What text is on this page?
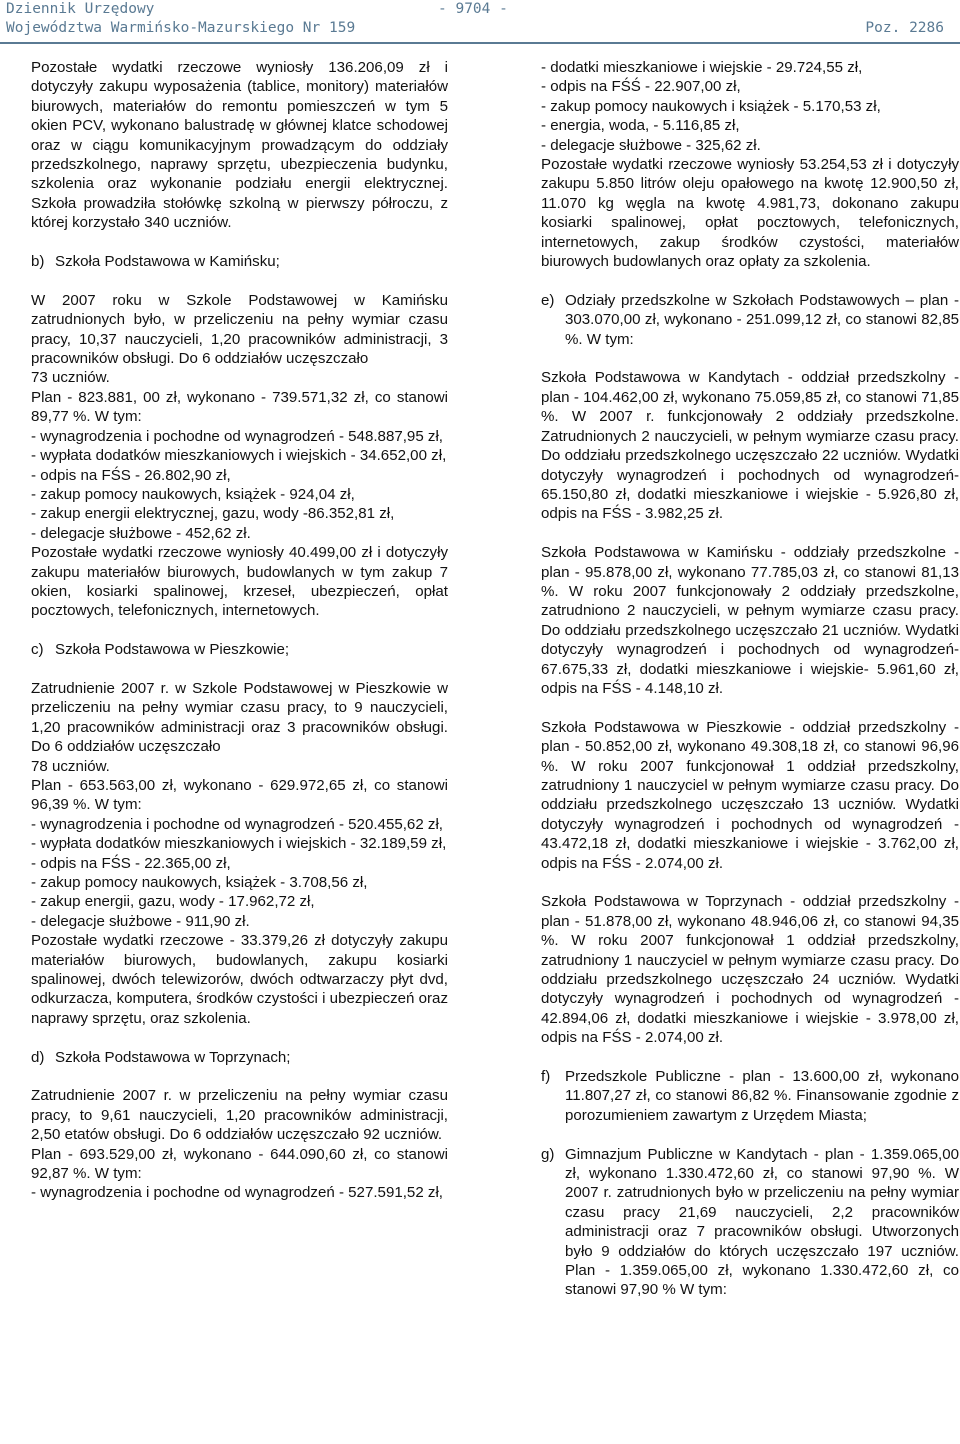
Dziennik Urzędowy
Województwa Warmińsko-Mazurskiego Nr 159
- 9704 -
Poz. 2286

Pozostałe wydatki rzeczowe wyniosły 136.206,09 zł i dotyczyły zakupu wyposażenia (tablice, monitory) materiałów biurowych, materiałów do remontu pomieszczeń w tym 5 okien PCV, wykonano balustradę w głównej klatce schodowej oraz w ciągu komunikacyjnym prowadzącym do oddziały przedszkolnego, naprawy sprzętu, ubezpieczenia budynku, szkolenia oraz wykonanie podziału energii elektrycznej. Szkoła prowadziła stołówkę szkolną w pierwszy półroczu, z której korzystało 340 uczniów.

b) Szkoła Podstawowa w Kamińsku;

W 2007 roku w Szkole Podstawowej w Kamińsku zatrudnionych było, w przeliczeniu na pełny wymiar czasu pracy, 10,37 nauczycieli, 1,20 pracowników administracji, 3 pracowników obsługi. Do 6 oddziałów uczęszczało

73 uczniów.

Plan - 823.881, 00 zł, wykonano - 739.571,32 zł, co stanowi 89,77 %. W tym:

- wynagrodzenia i pochodne od wynagrodzeń - 548.887,95 zł,

- wypłata dodatków mieszkaniowych i wiejskich - 34.652,00 zł,

- odpis na FŚS - 26.802,90 zł,

- zakup pomocy naukowych, książek - 924,04 zł,

- zakup energii elektrycznej, gazu, wody -86.352,81 zł,

- delegacje służbowe - 452,62 zł.

Pozostałe wydatki rzeczowe wyniosły 40.499,00 zł i dotyczyły zakupu materiałów biurowych, budowlanych w tym zakup 7 okien, kosiarki spalinowej, krzeseł, ubezpieczeń, opłat pocztowych, telefonicznych, internetowych.

c) Szkoła Podstawowa w Pieszkowie;

Zatrudnienie 2007 r. w Szkole Podstawowej w Pieszkowie w przeliczeniu na pełny wymiar czasu pracy, to 9 nauczycieli, 1,20 pracowników administracji oraz 3 pracowników obsługi. Do 6 oddziałów uczęszczało

78 uczniów.

Plan - 653.563,00 zł, wykonano - 629.972,65 zł, co stanowi 96,39 %. W tym:

- wynagrodzenia i pochodne od wynagrodzeń - 520.455,62 zł,

- wypłata dodatków mieszkaniowych i wiejskich - 32.189,59 zł,

- odpis na FŚS - 22.365,00 zł,

- zakup pomocy naukowych, książek - 3.708,56 zł,

- zakup energii, gazu, wody - 17.962,72 zł,

- delegacje służbowe - 911,90 zł.

Pozostałe wydatki rzeczowe - 33.379,26 zł dotyczyły zakupu materiałów biurowych, budowlanych, zakupu kosiarki spalinowej, dwóch telewizorów, dwóch odtwarzaczy płyt dvd, odkurzacza, komputera, środków czystości i ubezpieczeń oraz naprawy sprzętu, oraz szkolenia.

d) Szkoła Podstawowa w Toprzynach;

Zatrudnienie 2007 r. w przeliczeniu na pełny wymiar czasu pracy, to 9,61 nauczycieli, 1,20 pracowników administracji, 2,50 etatów obsługi. Do 6 oddziałów uczęszczało 92 uczniów.

Plan - 693.529,00 zł, wykonano - 644.090,60 zł, co stanowi 92,87 %. W tym:

- wynagrodzenia i pochodne od wynagrodzeń - 527.591,52 zł,

- dodatki mieszkaniowe i wiejskie - 29.724,55 zł,

- odpis na FŚŚ - 22.907,00 zł,

- zakup pomocy naukowych i książek - 5.170,53 zł,

- energia, woda, - 5.116,85 zł,

- delegacje służbowe - 325,62 zł.

Pozostałe wydatki rzeczowe wyniosły 53.254,53 zł i dotyczyły zakupu 5.850 litrów oleju opałowego na kwotę 12.900,50 zł, 11.070 kg węgla na kwotę 4.981,73, dokonano zakupu kosiarki spalinowej, opłat pocztowych, telefonicznych, internetowych, zakup środków czystości, materiałów biurowych budowlanych oraz opłaty za szkolenia.

e) Odziały przedszkolne w Szkołach Podstawowych – plan - 303.070,00 zł, wykonano - 251.099,12 zł, co stanowi 82,85 %. W tym:

Szkoła Podstawowa w Kandytach - oddział przedszkolny - plan - 104.462,00 zł, wykonano 75.059,85 zł, co stanowi 71,85 %. W 2007 r. funkcjonowały 2 oddziały przedszkolne. Zatrudnionych 2 nauczycieli, w pełnym wymiarze czasu pracy. Do oddziału przedszkolnego uczęszczało 22 uczniów. Wydatki dotyczyły wynagrodzeń i pochodnych od wynagrodzeń- 65.150,80 zł, dodatki mieszkaniowe i wiejskie - 5.926,80 zł, odpis na FŚS - 3.982,25 zł.

Szkoła Podstawowa w Kamińsku - oddziały przedszkolne - plan - 95.878,00 zł, wykonano 77.785,03 zł, co stanowi 81,13 %. W roku 2007 funkcjonowały 2 oddziały przedszkolne, zatrudniono 2 nauczycieli, w pełnym wymiarze czasu pracy. Do oddziału przedszkolnego uczęszczało 21 uczniów. Wydatki dotyczyły wynagrodzeń i pochodnych od wynagrodzeń- 67.675,33 zł, dodatki mieszkaniowe i wiejskie- 5.961,60 zł, odpis na FŚS - 4.148,10 zł.

Szkoła Podstawowa w Pieszkowie - oddział przedszkolny - plan - 50.852,00 zł, wykonano 49.308,18 zł, co stanowi 96,96 %. W roku 2007 funkcjonował 1 oddział przedszkolny, zatrudniony 1 nauczyciel w pełnym wymiarze czasu pracy. Do oddziału przedszkolnego uczęszczało 13 uczniów. Wydatki dotyczyły wynagrodzeń i pochodnych od wynagrodzeń - 43.472,18 zł, dodatki mieszkaniowe i wiejskie - 3.762,00 zł, odpis na FŚS - 2.074,00 zł.

Szkoła Podstawowa w Toprzynach - oddział przedszkolny - plan - 51.878,00 zł, wykonano 48.946,06 zł, co stanowi 94,35 %. W roku 2007 funkcjonował 1 oddział przedszkolny, zatrudniony 1 nauczyciel w pełnym wymiarze czasu pracy. Do oddziału przedszkolnego uczęszczało 24 uczniów. Wydatki dotyczyły wynagrodzeń i pochodnych od wynagrodzeń - 42.894,06 zł, dodatki mieszkaniowe i wiejskie - 3.978,00 zł, odpis na FŚS - 2.074,00 zł.

f) Przedszkole Publiczne - plan - 13.600,00 zł, wykonano 11.807,27 zł, co stanowi 86,82 %. Finansowanie zgodnie z porozumieniem zawartym z Urzędem Miasta;
g) Gimnazjum Publiczne w Kandytach - plan - 1.359.065,00 zł, wykonano 1.330.472,60 zł, co stanowi 97,90 %. W 2007 r. zatrudnionych było w przeliczeniu na pełny wymiar czasu pracy 21,69 nauczycieli, 2,2 pracowników administracji oraz 7 pracowników obsługi. Utworzonych było 9 oddziałów do których uczęszczało 197 uczniów. Plan - 1.359.065,00 zł, wykonano 1.330.472,60 zł, co stanowi 97,90 % W tym:
